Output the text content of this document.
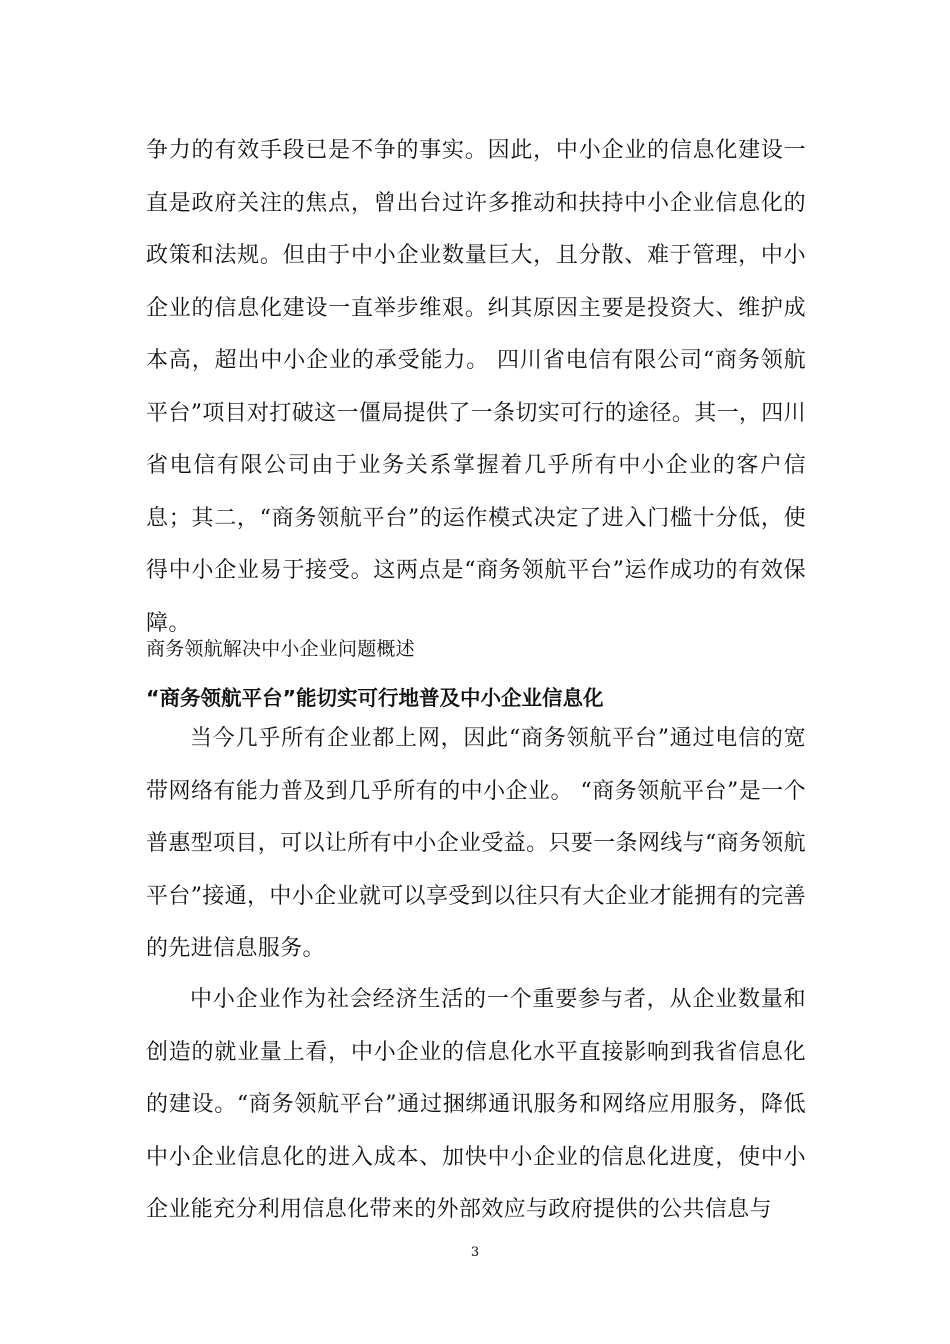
争力的有效手段已是不争的事实。因此，中小企业的信息化建设一直是政府关注的焦点，曾出台过许多推动和扶持中小企业信息化的政策和法规。但由于中小企业数量巨大，且分散、难于管理，中小企业的信息化建设一直举步维艰。纠其原因主要是投资大、维护成本高，超出中小企业的承受能力。 四川省电信有限公司“商务领航平台”项目对打破这一僵局提供了一条切实可行的途径。其一，四川省电信有限公司由于业务关系掌握着几乎所有中小企业的客户信息；其二，“商务领航平台”的运作模式决定了进入门槛十分低，使得中小企业易于接受。这两点是“商务领航平台”运作成功的有效保障。

商务领航解决中小企业问题概述

“商务领航平台”能切实可行地普及中小企业信息化

当今几乎所有企业都上网，因此“商务领航平台”通过电信的宽带网络有能力普及到几乎所有的中小企业。 “商务领航平台”是一个普惠型项目，可以让所有中小企业受益。只要一条网线与“商务领航平台”接通，中小企业就可以享受到以往只有大企业才能拥有的完善的先进信息服务。

中小企业作为社会经济生活的一个重要参与者，从企业数量和创造的就业量上看，中小企业的信息化水平直接影响到我省信息化的建设。“商务领航平台”通过捆绑通讯服务和网络应用服务，降低中小企业信息化的进入成本、加快中小企业的信息化进度，使中小企业能充分利用信息化带来的外部效应与政府提供的公共信息与

3
